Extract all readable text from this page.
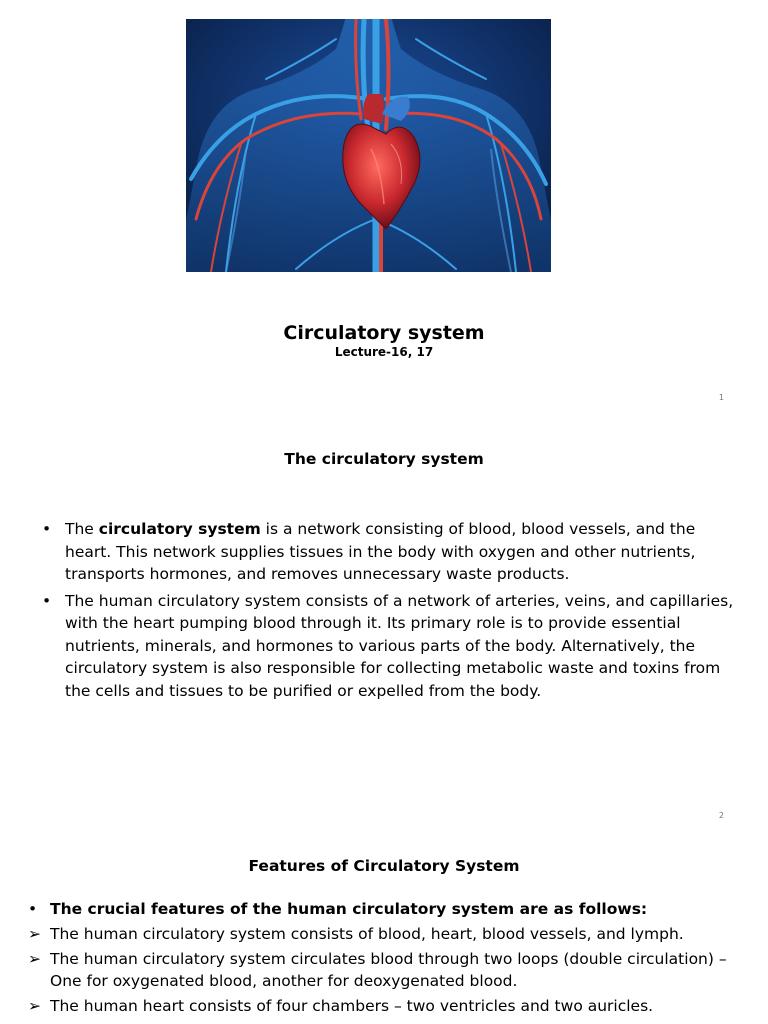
Circulatory system
Lecture-16, 17
1
The circulatory system
• The circulatory system is a network consisting of blood, blood vessels, and the heart. This network supplies tissues in the body with oxygen and other nutrients, transports hormones, and removes unnecessary waste products.
• The human circulatory system consists of a network of arteries, veins, and capillaries, with the heart pumping blood through it. Its primary role is to provide essential nutrients, minerals, and hormones to various parts of the body. Alternatively, the circulatory system is also responsible for collecting metabolic waste and toxins from the cells and tissues to be purified or expelled from the body.
2
Features of Circulatory System
• The crucial features of the human circulatory system are as follows:
➢ The human circulatory system consists of blood, heart, blood vessels, and lymph.
➢ The human circulatory system circulates blood through two loops (double circulation) – One for oxygenated blood, another for deoxygenated blood.
➢ The human heart consists of four chambers – two ventricles and two auricles.
